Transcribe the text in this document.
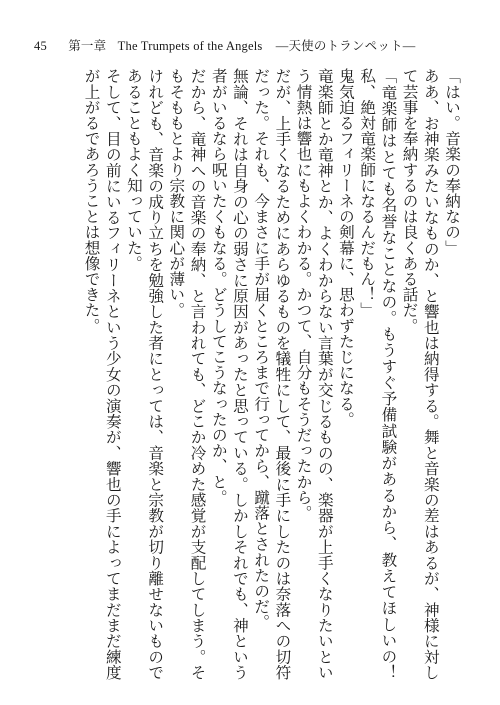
45 第一章 The Trumpets of the Angels —天使のトランペット—

「はい。音楽の奉納なの」

ああ、お神楽みたいなものか、と響也は納得する。舞と音楽の差はあるが、神様に対して芸事を奉納するのは良くある話だ。

「竜楽師はとても名誉なことなの。もうすぐ予備試験があるから、教えてほしいの！　私、絶対竜楽師になるんだもん！」

鬼気迫るフィリーネの剣幕に、思わずたじになる。

竜楽師とか竜神とか、よくわからない言葉が交じるものの、楽器が上手くなりたいという情熱は響也にもよくわかる。かつて、自分もそうだったから。

だが、上手くなるためにあらゆるものを犠牲にして、最後に手にしたのは奈落への切符だった。それも、今まさに手が届くところまで行ってから、蹴落とされたのだ。

無論、それは自身の心の弱さに原因があったと思っている。しかしそれでも、神という者がいるなら呪いたくもなる。どうしてこうなったのか、と。

だから、竜神への音楽の奉納、と言われても、どこか冷めた感覚が支配してしまう。そもそももとより宗教に関心が薄い。

けれども、音楽の成り立ちを勉強した者にとっては、音楽と宗教が切り離せないものであることもよく知っていた。

そして、目の前にいるフィリーネという少女の演奏が、響也の手によってまだまだ練度が上がるであろうことは想像できた。
